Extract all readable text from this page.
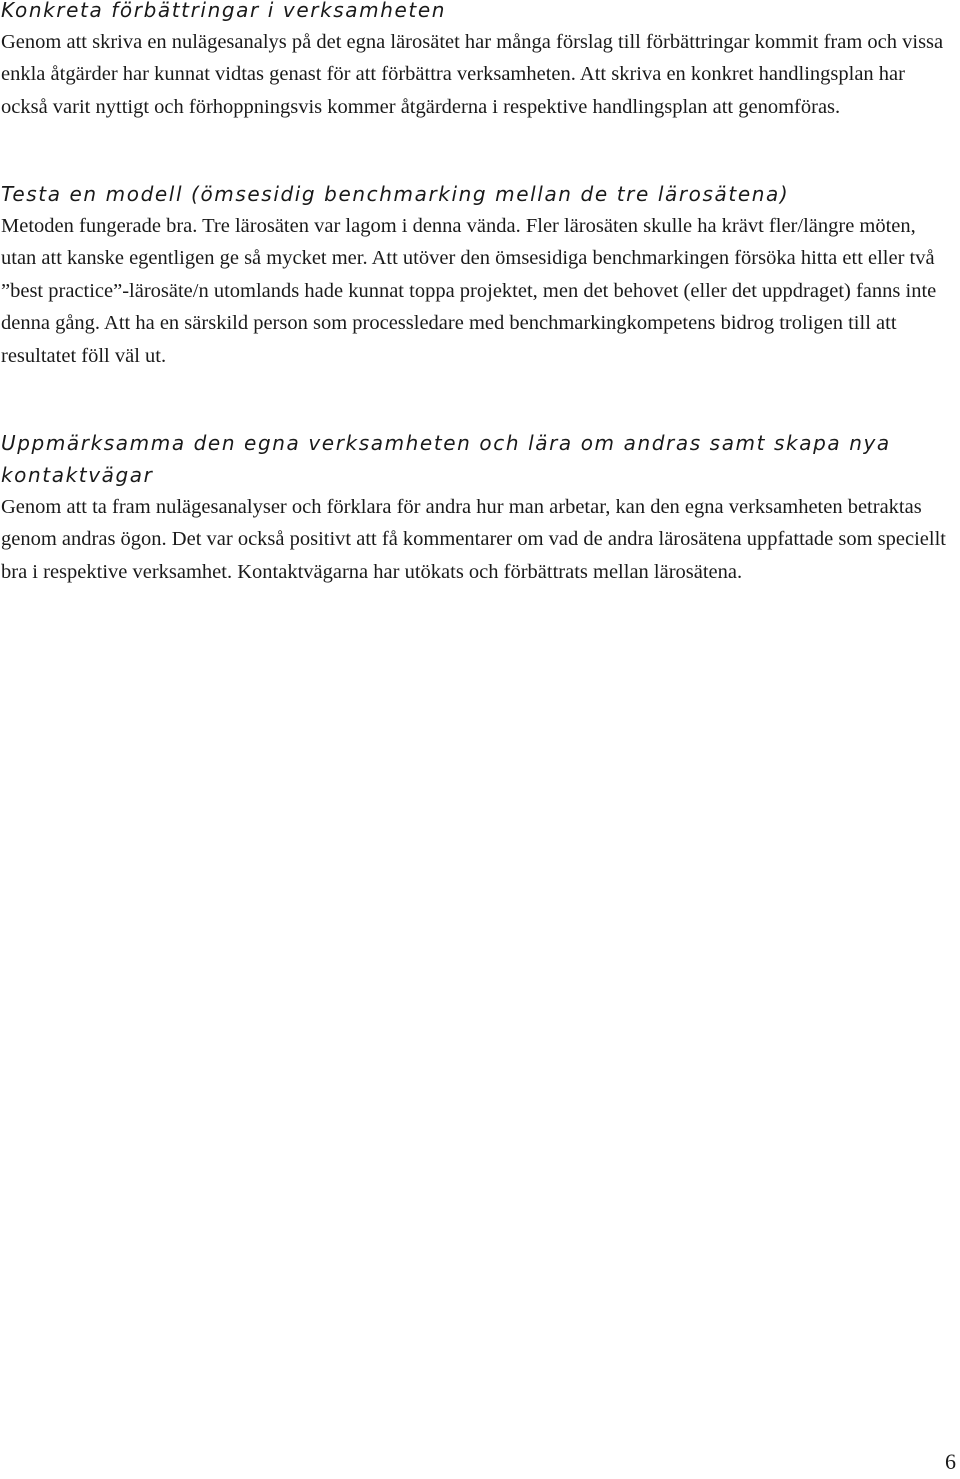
Konkreta förbättringar i verksamheten

Genom att skriva en nulägesanalys på det egna lärosätet har många förslag till förbättringar kommit fram och vissa enkla åtgärder har kunnat vidtas genast för att förbättra verksamheten. Att skriva en konkret handlingsplan har också varit nyttigt och förhoppningsvis kommer åtgärderna i respektive handlingsplan att genomföras.

Testa en modell (ömsesidig benchmarking mellan de tre lärosätena)

Metoden fungerade bra. Tre lärosäten var lagom i denna vända. Fler lärosäten skulle ha krävt fler/längre möten, utan att kanske egentligen ge så mycket mer. Att utöver den ömsesidiga benchmarkingen försöka hitta ett eller två ”best practice”-lärosäte/n utomlands hade kunnat toppa projektet, men det behovet (eller det uppdraget) fanns inte denna gång. Att ha en särskild person som processledare med benchmarkingkompetens bidrog troligen till att resultatet föll väl ut.

Uppmärksamma den egna verksamheten och lära om andras samt skapa nya kontaktvägar

Genom att ta fram nulägesanalyser och förklara för andra hur man arbetar, kan den egna verksamheten betraktas genom andras ögon. Det var också positivt att få kommentarer om vad de andra lärosätena uppfattade som speciellt bra i respektive verksamhet. Kontaktvägarna har utökats och förbättrats mellan lärosätena.

6
